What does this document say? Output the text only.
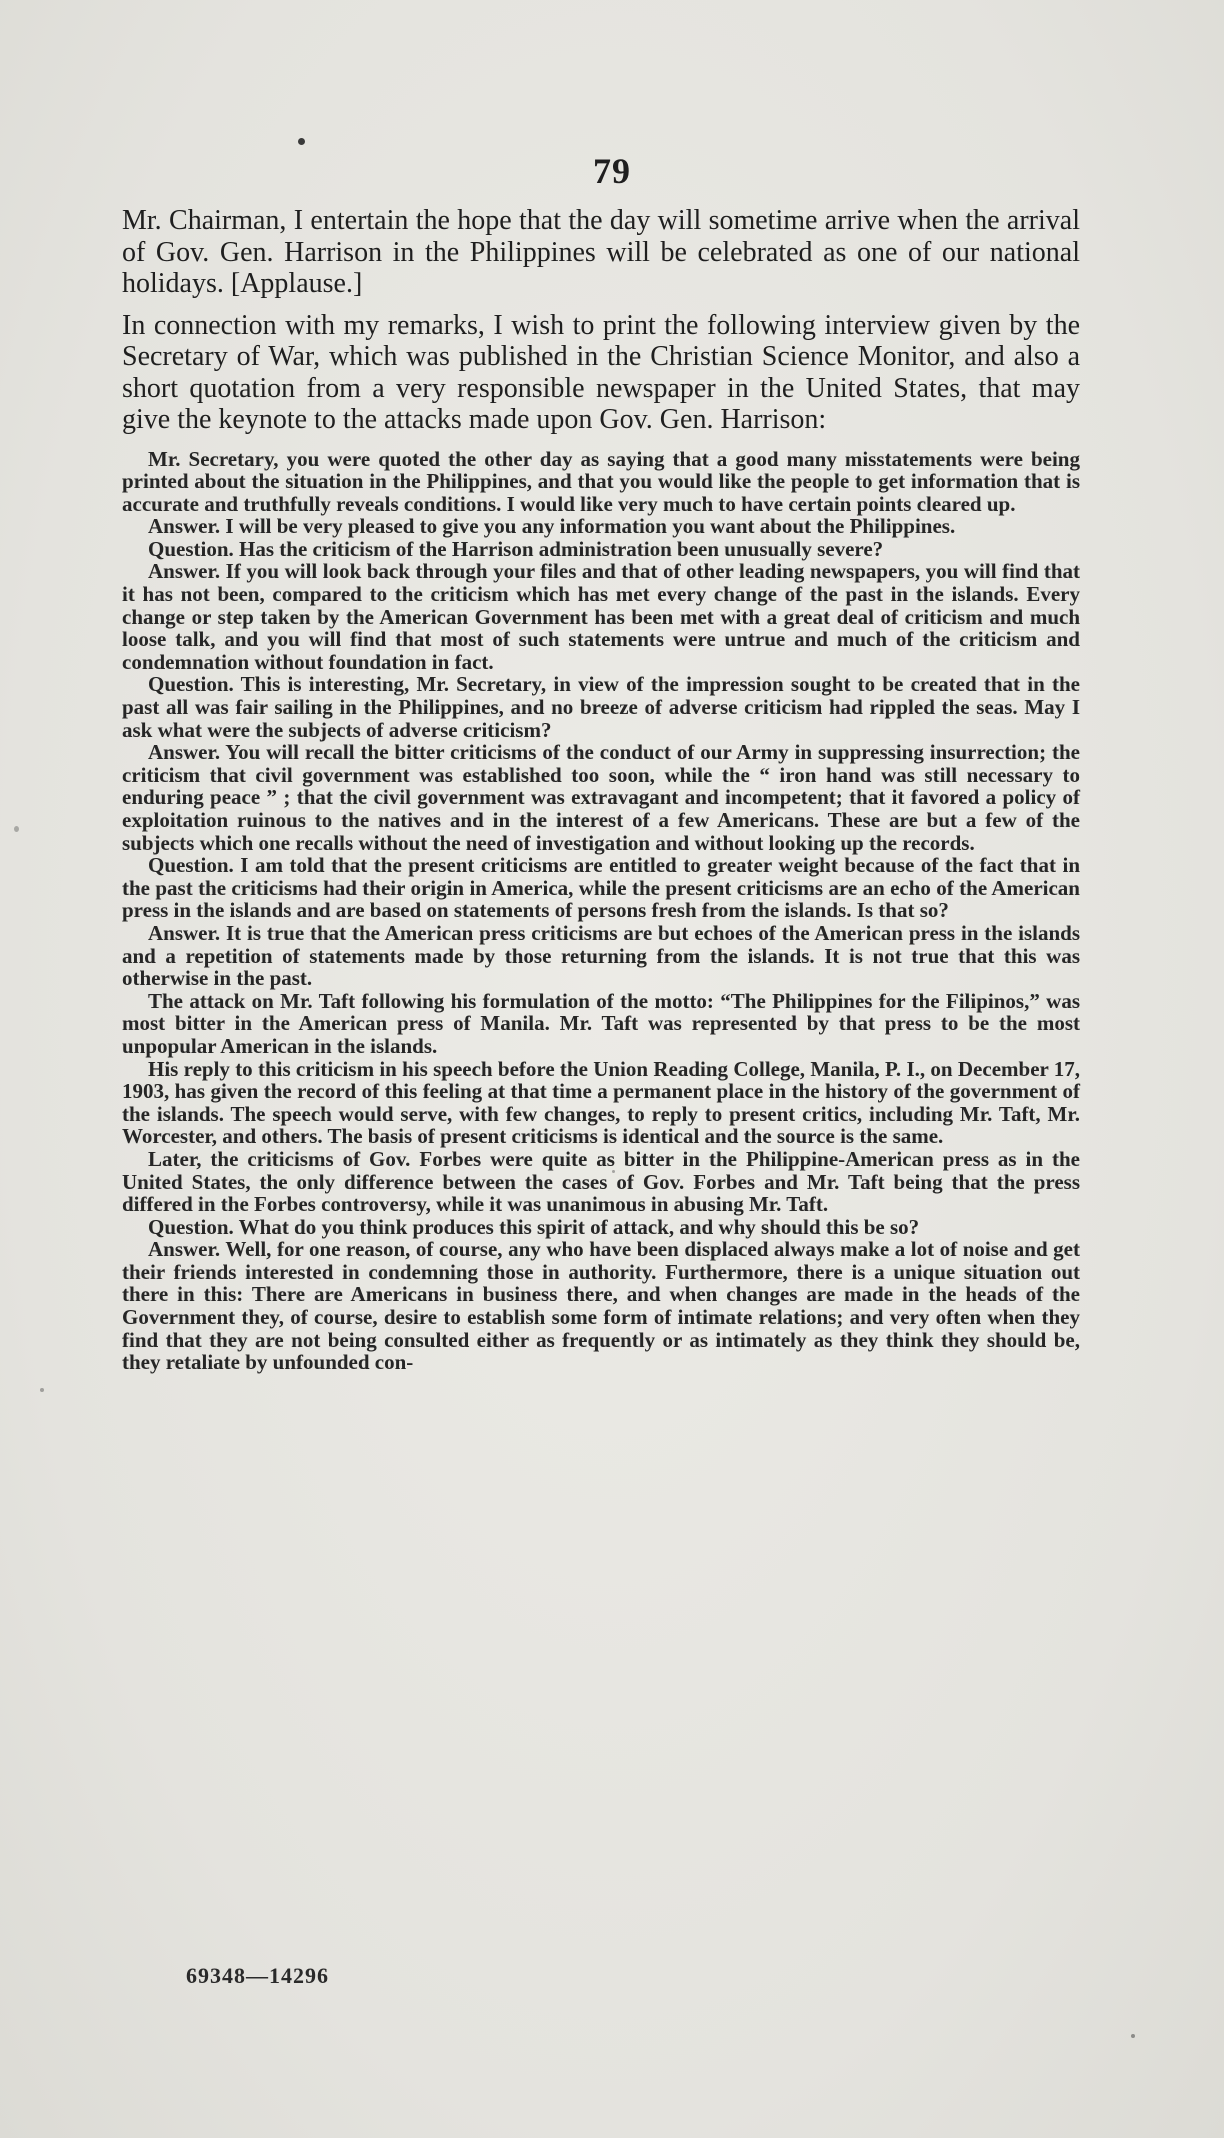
79

Mr. Chairman, I entertain the hope that the day will sometime arrive when the arrival of Gov. Gen. Harrison in the Philippines will be celebrated as one of our national holidays. [Applause.]

In connection with my remarks, I wish to print the following interview given by the Secretary of War, which was published in the Christian Science Monitor, and also a short quotation from a very responsible newspaper in the United States, that may give the keynote to the attacks made upon Gov. Gen. Harrison:

Mr. Secretary, you were quoted the other day as saying that a good many misstatements were being printed about the situation in the Philippines, and that you would like the people to get information that is accurate and truthfully reveals conditions. I would like very much to have certain points cleared up.

Answer. I will be very pleased to give you any information you want about the Philippines.

Question. Has the criticism of the Harrison administration been unusually severe?

Answer. If you will look back through your files and that of other leading newspapers, you will find that it has not been, compared to the criticism which has met every change of the past in the islands. Every change or step taken by the American Government has been met with a great deal of criticism and much loose talk, and you will find that most of such statements were untrue and much of the criticism and condemnation without foundation in fact.

Question. This is interesting, Mr. Secretary, in view of the impression sought to be created that in the past all was fair sailing in the Philippines, and no breeze of adverse criticism had rippled the seas. May I ask what were the subjects of adverse criticism?

Answer. You will recall the bitter criticisms of the conduct of our Army in suppressing insurrection; the criticism that civil government was established too soon, while the “ iron hand was still necessary to enduring peace ” ; that the civil government was extravagant and incompetent; that it favored a policy of exploitation ruinous to the natives and in the interest of a few Americans. These are but a few of the subjects which one recalls without the need of investigation and without looking up the records.

Question. I am told that the present criticisms are entitled to greater weight because of the fact that in the past the criticisms had their origin in America, while the present criticisms are an echo of the American press in the islands and are based on statements of persons fresh from the islands. Is that so?

Answer. It is true that the American press criticisms are but echoes of the American press in the islands and a repetition of statements made by those returning from the islands. It is not true that this was otherwise in the past.

The attack on Mr. Taft following his formulation of the motto: “The Philippines for the Filipinos,” was most bitter in the American press of Manila. Mr. Taft was represented by that press to be the most unpopular American in the islands.

His reply to this criticism in his speech before the Union Reading College, Manila, P. I., on December 17, 1903, has given the record of this feeling at that time a permanent place in the history of the government of the islands. The speech would serve, with few changes, to reply to present critics, including Mr. Taft, Mr. Worcester, and others. The basis of present criticisms is identical and the source is the same.

Later, the criticisms of Gov. Forbes were quite as bitter in the Philippine-American press as in the United States, the only difference between the cases of Gov. Forbes and Mr. Taft being that the press differed in the Forbes controversy, while it was unanimous in abusing Mr. Taft.

Question. What do you think produces this spirit of attack, and why should this be so?

Answer. Well, for one reason, of course, any who have been displaced always make a lot of noise and get their friends interested in condemning those in authority. Furthermore, there is a unique situation out there in this: There are Americans in business there, and when changes are made in the heads of the Government they, of course, desire to establish some form of intimate relations; and very often when they find that they are not being consulted either as frequently or as intimately as they think they should be, they retaliate by unfounded con-

69348—14296
